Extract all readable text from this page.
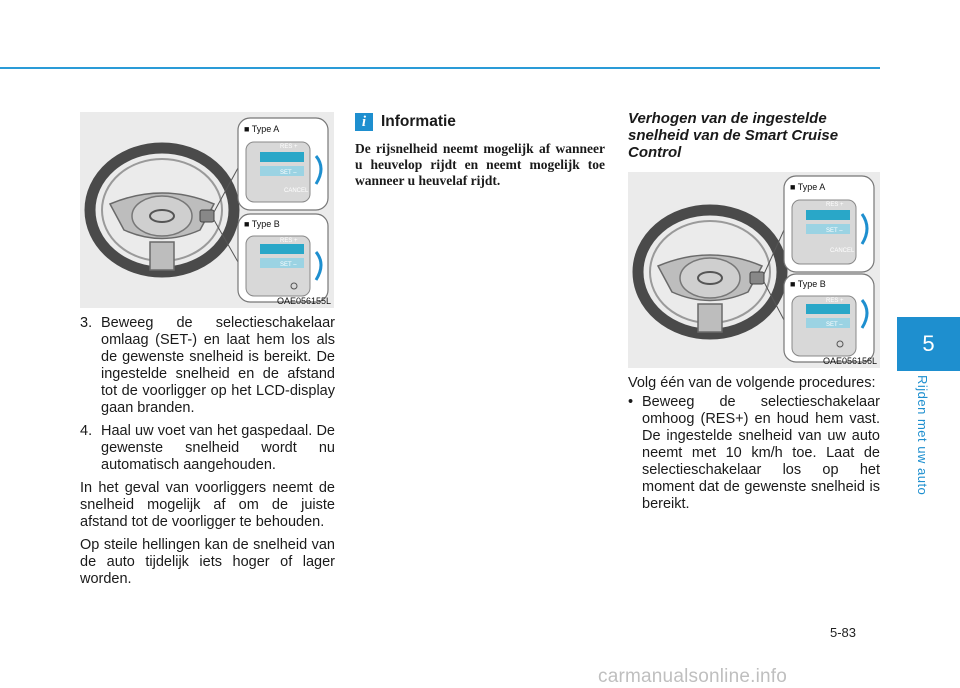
■ Type A
RES +
SET –
CANCEL
■ Type B
RES +
SET –
OAE056155L
3. Beweeg de selectieschakelaar omlaag (SET-) en laat hem los als de gewenste snelheid is bereikt. De ingestelde snelheid en de afstand tot de voorligger op het LCD-display gaan branden.
4. Haal uw voet van het gaspedaal. De gewenste snelheid wordt nu automatisch aangehouden.

In het geval van voorliggers neemt de snelheid mogelijk af om de juiste afstand tot de voorligger te behouden.

Op steile hellingen kan de snelheid van de auto tijdelijk iets hoger of lager worden.

i Informatie
De rijsnelheid neemt mogelijk af wanneer u heuvelop rijdt en neemt mogelijk toe wanneer u heuvelaf rijdt.
Verhogen van de ingestelde snelheid van de Smart Cruise Control
■ Type A
RES +
SET –
CANCEL
■ Type B
RES +
SET –
OAE056156L

Volg één van de volgende procedures:

• Beweeg de selectieschakelaar omhoog (RES+) en houd hem vast. De ingestelde snelheid van uw auto neemt met 10 km/h toe. Laat de selectieschakelaar los op het moment dat de gewenste snelheid is bereikt.
5
Rijden met uw auto
5-83
carmanualsonline.info
